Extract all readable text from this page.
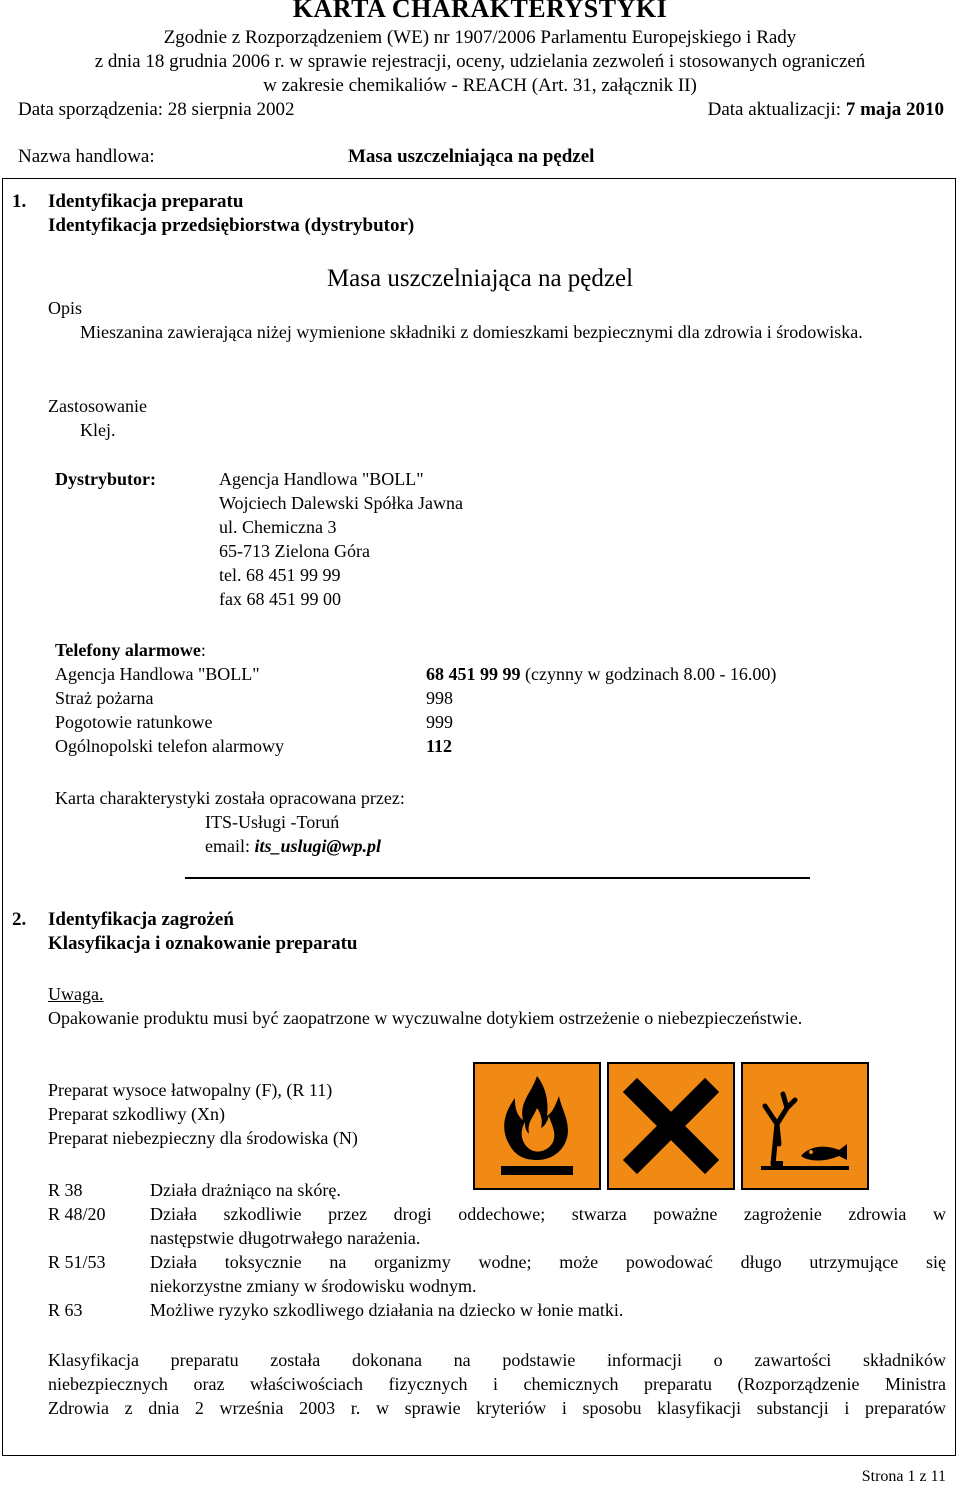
KARTA CHARAKTERYSTYKI
Zgodnie z Rozporządzeniem (WE) nr 1907/2006 Parlamentu Europejskiego i Rady
z dnia 18 grudnia 2006 r. w sprawie rejestracji, oceny, udzielania zezwoleń i stosowanych ograniczeń
w zakresie chemikaliów - REACH (Art. 31, załącznik II)
Data sporządzenia: 28 sierpnia 2002	Data aktualizacji: 7 maja 2010
Nazwa handlowa:	Masa uszczelniająca na pędzel
1. Identyfikacja preparatu
Identyfikacja przedsiębiorstwa (dystrybutor)
Masa uszczelniająca na pędzel
Opis
Mieszanina zawierająca niżej wymienione składniki z domieszkami bezpiecznymi dla zdrowia i środowiska.
Zastosowanie
Klej.
Dystrybutor:	Agencja Handlowa "BOLL"
Wojciech Dalewski Spółka Jawna
ul. Chemiczna 3
65-713 Zielona Góra
tel. 68 451 99 99
fax 68 451 99 00
Telefony alarmowe:
Agencja Handlowa "BOLL"	68 451 99 99 (czynny w godzinach 8.00 - 16.00)
Straż pożarna	998
Pogotowie ratunkowe	999
Ogólnopolski telefon alarmowy	112
Karta charakterystyki została opracowana przez:
ITS-Usługi -Toruń
email: its_uslugi@wp.pl
2. Identyfikacja zagrożeń
Klasyfikacja i oznakowanie preparatu
Uwaga.
Opakowanie produktu musi być zaopatrzone w wyczuwalne dotykiem ostrzeżenie o niebezpieczeństwie.
Preparat wysoce łatwopalny (F), (R 11)
Preparat szkodliwy (Xn)
Preparat niebezpieczny dla środowiska (N)
R 38	Działa drażniąco na skórę.
R 48/20 Działa szkodliwie przez drogi oddechowe; stwarza poważne zagrożenie zdrowia w
następstwie długotrwałego narażenia.
R 51/53 Działa toksycznie na organizmy wodne; może powodować długo utrzymujące się
niekorzystne zmiany w środowisku wodnym.
R 63	Możliwe ryzyko szkodliwego działania na dziecko w łonie matki.
Klasyfikacja preparatu została dokonana na podstawie informacji o zawartości składników
niebezpiecznych oraz właściwościach fizycznych i chemicznych preparatu (Rozporządzenie Ministra
Zdrowia z dnia 2 września 2003 r. w sprawie kryteriów i sposobu klasyfikacji substancji i preparatów
Strona 1 z 11
